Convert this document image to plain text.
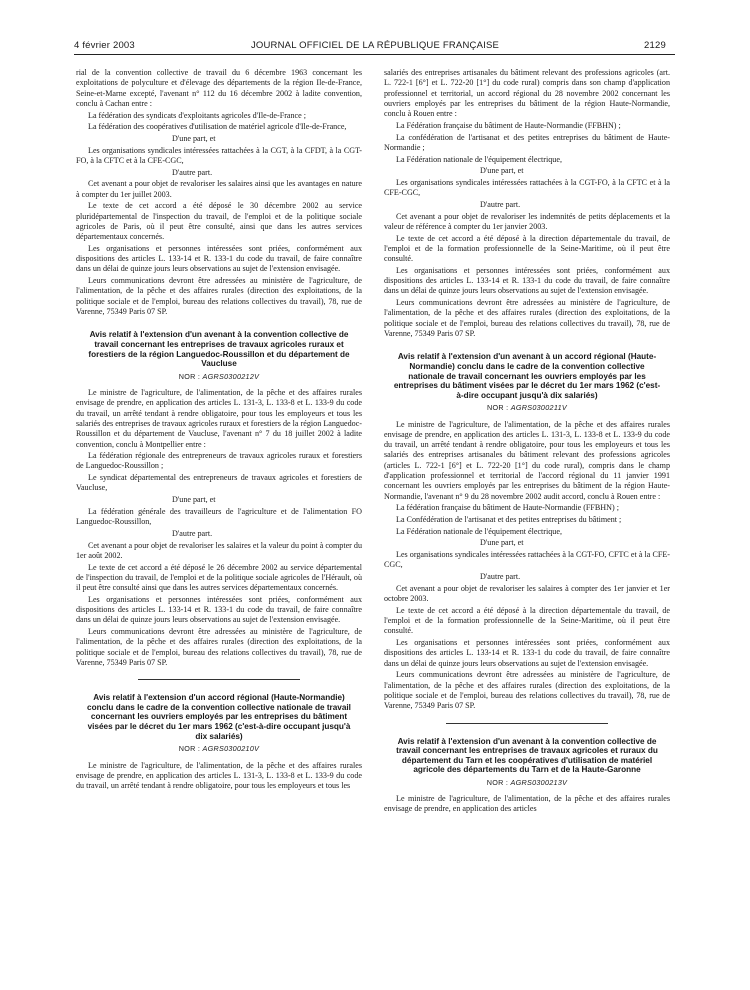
4 février 2003	JOURNAL OFFICIEL DE LA RÉPUBLIQUE FRANÇAISE	2129

rial de la convention collective de travail du 6 décembre 1963 concernant les exploitations de polyculture et d'élevage des départements de la région Ile-de-France, Seine-et-Marne excepté, l'avenant n° 112 du 16 décembre 2002 à ladite convention, conclu à Cachan entre :

La fédération des syndicats d'exploitants agricoles d'Ile-de-France ;

La fédération des coopératives d'utilisation de matériel agricole d'Ile-de-France,

D'une part, et

Les organisations syndicales intéressées rattachées à la CGT, à la CFDT, à la CGT-FO, à la CFTC et à la CFE-CGC,

D'autre part.

Cet avenant a pour objet de revaloriser les salaires ainsi que les avantages en nature à compter du 1er juillet 2003.

Le texte de cet accord a été déposé le 30 décembre 2002 au service pluridépartemental de l'inspection du travail, de l'emploi et de la politique sociale agricoles de Paris, où il peut être consulté, ainsi que dans les autres services départementaux concernés.

Les organisations et personnes intéressées sont priées, conformément aux dispositions des articles L. 133-14 et R. 133-1 du code du travail, de faire connaître dans un délai de quinze jours leurs observations au sujet de l'extension envisagée.

Leurs communications devront être adressées au ministère de l'agriculture, de l'alimentation, de la pêche et des affaires rurales (direction des exploitations, de la politique sociale et de l'emploi, bureau des relations collectives du travail), 78, rue de Varenne, 75349 Paris 07 SP.

Avis relatif à l'extension d'un avenant à la convention collective de travail concernant les entreprises de travaux agricoles ruraux et forestiers de la région Languedoc-Roussillon et du département de Vaucluse
NOR : AGRS0300212V

Le ministre de l'agriculture, de l'alimentation, de la pêche et des affaires rurales envisage de prendre, en application des articles L. 131-3, L. 133-8 et L. 133-9 du code du travail, un arrêté tendant à rendre obligatoire, pour tous les employeurs et tous les salariés des entreprises de travaux agricoles ruraux et forestiers de la région Languedoc-Roussillon et du département de Vaucluse, l'avenant n° 7 du 18 juillet 2002 à ladite convention, conclu à Montpellier entre :

La fédération régionale des entrepreneurs de travaux agricoles ruraux et forestiers de Languedoc-Roussillon ;

Le syndicat départemental des entrepreneurs de travaux agricoles et forestiers de Vaucluse,

D'une part, et

La fédération générale des travailleurs de l'agriculture et de l'alimentation FO Languedoc-Roussillon,

D'autre part.

Cet avenant a pour objet de revaloriser les salaires et la valeur du point à compter du 1er août 2002.

Le texte de cet accord a été déposé le 26 décembre 2002 au service départemental de l'inspection du travail, de l'emploi et de la politique sociale agricoles de l'Hérault, où il peut être consulté ainsi que dans les autres services départementaux concernés.

Les organisations et personnes intéressées sont priées, conformément aux dispositions des articles L. 133-14 et R. 133-1 du code du travail, de faire connaître dans un délai de quinze jours leurs observations au sujet de l'extension envisagée.

Leurs communications devront être adressées au ministère de l'agriculture, de l'alimentation, de la pêche et des affaires rurales (direction des exploitations, de la politique sociale et de l'emploi, bureau des relations collectives du travail), 78, rue de Varenne, 75349 Paris 07 SP.

Avis relatif à l'extension d'un accord régional (Haute-Normandie) conclu dans le cadre de la convention collective nationale de travail concernant les ouvriers employés par les entreprises du bâtiment visées par le décret du 1er mars 1962 (c'est-à-dire occupant jusqu'à dix salariés)
NOR : AGRS0300210V

Le ministre de l'agriculture, de l'alimentation, de la pêche et des affaires rurales envisage de prendre, en application des articles L. 131-3, L. 133-8 et L. 133-9 du code du travail, un arrêté tendant à rendre obligatoire, pour tous les employeurs et tous les

salariés des entreprises artisanales du bâtiment relevant des professions agricoles (art. L. 722-1 [6°] et L. 722-20 [1°] du code rural) compris dans son champ d'application professionnel et territorial, un accord régional du 28 novembre 2002 concernant les ouvriers employés par les entreprises du bâtiment de la région Haute-Normandie, conclu à Rouen entre :

La Fédération française du bâtiment de Haute-Normandie (FFBHN) ;

La confédération de l'artisanat et des petites entreprises du bâtiment de Haute-Normandie ;

La Fédération nationale de l'équipement électrique,

D'une part, et

Les organisations syndicales intéressées rattachées à la CGT-FO, à la CFTC et à la CFE-CGC,

D'autre part.

Cet avenant a pour objet de revaloriser les indemnités de petits déplacements et la valeur de référence à compter du 1er janvier 2003.

Le texte de cet accord a été déposé à la direction départementale du travail, de l'emploi et de la formation professionnelle de la Seine-Maritime, où il peut être consulté.

Les organisations et personnes intéressées sont priées, conformément aux dispositions des articles L. 133-14 et R. 133-1 du code du travail, de faire connaître dans un délai de quinze jours leurs observations au sujet de l'extension envisagée.

Leurs communications devront être adressées au ministère de l'agriculture, de l'alimentation, de la pêche et des affaires rurales (direction des exploitations, de la politique sociale et de l'emploi, bureau des relations collectives du travail), 78, rue de Varenne, 75349 Paris 07 SP.

Avis relatif à l'extension d'un avenant à un accord régional (Haute-Normandie) conclu dans le cadre de la convention collective nationale de travail concernant les ouvriers employés par les entreprises du bâtiment visées par le décret du 1er mars 1962 (c'est-à-dire occupant jusqu'à dix salariés)
NOR : AGRS0300211V

Le ministre de l'agriculture, de l'alimentation, de la pêche et des affaires rurales envisage de prendre, en application des articles L. 131-3, L. 133-8 et L. 133-9 du code du travail, un arrêté tendant à rendre obligatoire, pour tous les employeurs et tous les salariés des entreprises artisanales du bâtiment relevant des professions agricoles (articles L. 722-1 [6°] et L. 722-20 [1°] du code rural), compris dans le champ d'application professionnel et territorial de l'accord régional du 11 janvier 1991 concernant les ouvriers employés par les entreprises du bâtiment de la région Haute-Normandie, l'avenant n° 9 du 28 novembre 2002 audit accord, conclu à Rouen entre :

La fédération française du bâtiment de Haute-Normandie (FFBHN) ;

La Confédération de l'artisanat et des petites entreprises du bâtiment ;

La Fédération nationale de l'équipement électrique,

D'une part, et

Les organisations syndicales intéressées rattachées à la CGT-FO, CFTC et à la CFE-CGC,

D'autre part.

Cet avenant a pour objet de revaloriser les salaires à compter des 1er janvier et 1er octobre 2003.

Le texte de cet accord a été déposé à la direction départementale du travail, de l'emploi et de la formation professionnelle de la Seine-Maritime, où il peut être consulté.

Les organisations et personnes intéressées sont priées, conformément aux dispositions des articles L. 133-14 et R. 133-1 du code du travail, de faire connaître dans un délai de quinze jours leurs observations au sujet de l'extension envisagée.

Leurs communications devront être adressées au ministère de l'agriculture, de l'alimentation, de la pêche et des affaires rurales (direction des exploitations, de la politique sociale et de l'emploi, bureau des relations collectives du travail), 78, rue de Varenne, 75349 Paris 07 SP.

Avis relatif à l'extension d'un avenant à la convention collective de travail concernant les entreprises de travaux agricoles et ruraux du département du Tarn et les coopératives d'utilisation de matériel agricole des départements du Tarn et de la Haute-Garonne
NOR : AGRS0300213V

Le ministre de l'agriculture, de l'alimentation, de la pêche et des affaires rurales envisage de prendre, en application des articles
